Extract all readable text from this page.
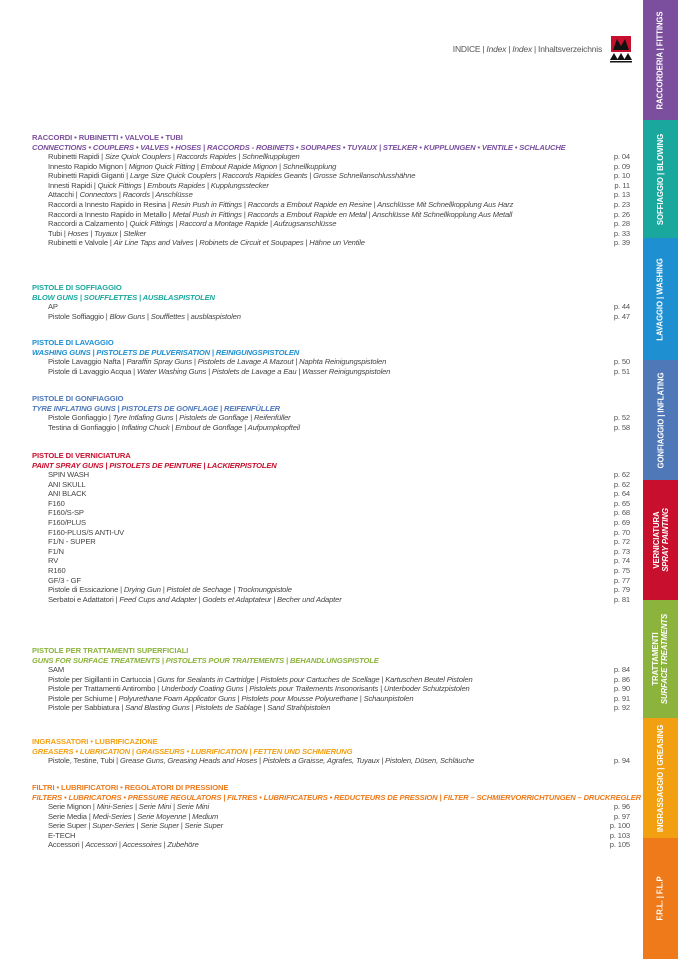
INDICE | Index | Index | Inhaltsverzeichnis	RACCORDERIA | FITTINGS
SOFFIAGGIO | BLOWING
LAVAGGIO | WASHING
GONFIAGGIO | INFLATING
VERNICIATURA
SPRAY PAINTING
TRATTAMENTI
SURFACE TREATMENTS
INGRASSAGGIO | GREASING
F.R.L. | F.L.P
RACCORDI • RUBINETTI • VALVOLE • TUBI
CONNECTIONS • COUPLERS • VALVES • HOSES | RACCORDS - ROBINETS • SOUPAPES • TUYAUX | STELKER • KUPPLUNGEN • VENTILE • SCHLAUCHE
Rubinetti Rapidi | Size Quick Couplers | Raccords Rapides | Schnellkupplugen	p. 04
Innesto Rapido Mignon | Mignon Quick Fitting | Embout Rapide Mignon | Schnellkupplung	p. 09
Rubinetti Rapidi Giganti | Large Size Quick Couplers | Raccords Rapides Geants | Grosse Schnellanschlusshähne	p. 10
Innesti Rapidi | Quick Fittings | Embouts Rapides | Kupplungsstecker	p. 11
Attacchi | Connectors | Racords | Anschlüsse	p. 13
Raccordi a Innesto Rapido in Resina | Resin Push in Fittings | Raccords a Embout Rapide en Resine | Anschlüsse Mit Schnellkopplung Aus Harz	p. 23
Raccordi a Innesto Rapido in Metallo | Metal Push in Fittings | Raccords a Embout Rapide en Metal | Anschlüsse Mit Schnellkopplung Aus Metall	p. 26
Raccordi a Calzamento | Quick Fittings | Raccord a Montage Rapide | Aufzugsanschlüsse	p. 28
Tubi | Hoses | Tuyaux | Stelker	p. 33
Rubinetti e Valvole | Air Line Taps and Valves | Robinets de Circuit et Soupapes | Hähne un Ventile	p. 39
PISTOLE DI SOFFIAGGIO
BLOW GUNS | SOUFFLETTES | AUSBLASPISTOLEN
AP	p. 44
Pistole Soffiaggio | Blow Guns | Soufflettes | ausblaspistolen	p. 47
PISTOLE DI LAVAGGIO
WASHING GUNS | PISTOLETS DE PULVERISATION | REINIGUNGSPISTOLEN
Pistole Lavaggio Nafta | Paraffin Spray Guns | Pistolets de Lavage A Mazout | Naphta Reinigungspistolen	p. 50
Pistole di Lavaggio Acqua | Water Washing Guns | Pistolets de Lavage a Eau | Wasser Reinigungspistolen	p. 51
PISTOLE DI GONFIAGGIO
TYRE INFLATING GUNS | PISTOLETS DE GONFLAGE | REIFENFÜLLER
Pistole Gonfiaggio | Tyre Intlafing Guns | Pistolets de Gonflage | Reifenfüller	p. 52
Testina di Gonfiaggio | Inflating Chuck | Embout de Gonflage | Aufpumpkopfteil	p. 58
PISTOLE DI VERNICIATURA
PAINT SPRAY GUNS | PISTOLETS DE PEINTURE | LACKIERPISTOLEN
SPIN WASH	p. 62
ANI SKULL	p. 62
ANI BLACK	p. 64
F160	p. 65
F160/S-SP	p. 68
F160/PLUS	p. 69
F160-PLUS/S ANTI-UV	p. 70
F1/N - SUPER	p. 72
F1/N	p. 73
RV	p. 74
R160	p. 75
GF/3 - GF	p. 77
Pistole di Essicazione | Drying Gun | Pistolet de Sechage | Trocknungpistole	p. 79
Serbatoi e Adattatori | Feed Cups and Adapter | Godets et Adaptateur | Becher und Adapter	p. 81
PISTOLE PER TRATTAMENTI SUPERFICIALI
GUNS FOR SURFACE TREATMENTS | PISTOLETS POUR TRAITEMENTS | BEHANDLUNGSPISTOLE
SAM	p. 84
Pistole per Sigillanti in Cartuccia | Guns for Sealants in Cartridge | Pistolets pour Cartuches de Scellage | Kartuschen Beutel Pistolen	p. 86
Pistole per Trattamenti Antirombo | Underbody Coating Guns | Pistolets pour Traitements Insonorisants | Unterboder Schutzpistolen	p. 90
Pistole per Schiume | Polyurethane Foam Applicator Guns | Pistolets pour Mousse Polyurethane | Schaunpistolen	p. 91
Pistole per Sabbiatura | Sand Blasting Guns | Pistolets de Sablage | Sand Strahlpistolen	p. 92
INGRASSATORI • LUBRIFICAZIONE
GREASERS • LUBRICATION | GRAISSEURS • LUBRIFICATION | FETTEN UND SCHMIERUNG
Pistole, Testine, Tubi | Grease Guns, Greasing Heads and Hoses | Pistolets a Graisse, Agrafes, Tuyaux | Pistolen, Düsen, Schläuche	p. 94
FILTRI • LUBRIFICATORI • REGOLATORI DI PRESSIONE
FILTERS • LUBRICATORS • PRESSURE REGULATORS | FILTRES • LUBRIFICATEURS • REDUCTEURS DE PRESSION | FILTER – SCHMIERVORRICHTUNGEN – DRUCKREGLER
Serie Mignon | Mini-Series | Serie Mini | Serie Mini	p. 96
Serie Media | Medi-Series | Serie Moyenne | Medium	p. 97
Serie Super | Super-Series | Serie Super | Serie Super	p. 100
E-TECH	p. 103
Accessori | Accessori | Accessoires | Zubehöre	p. 105
